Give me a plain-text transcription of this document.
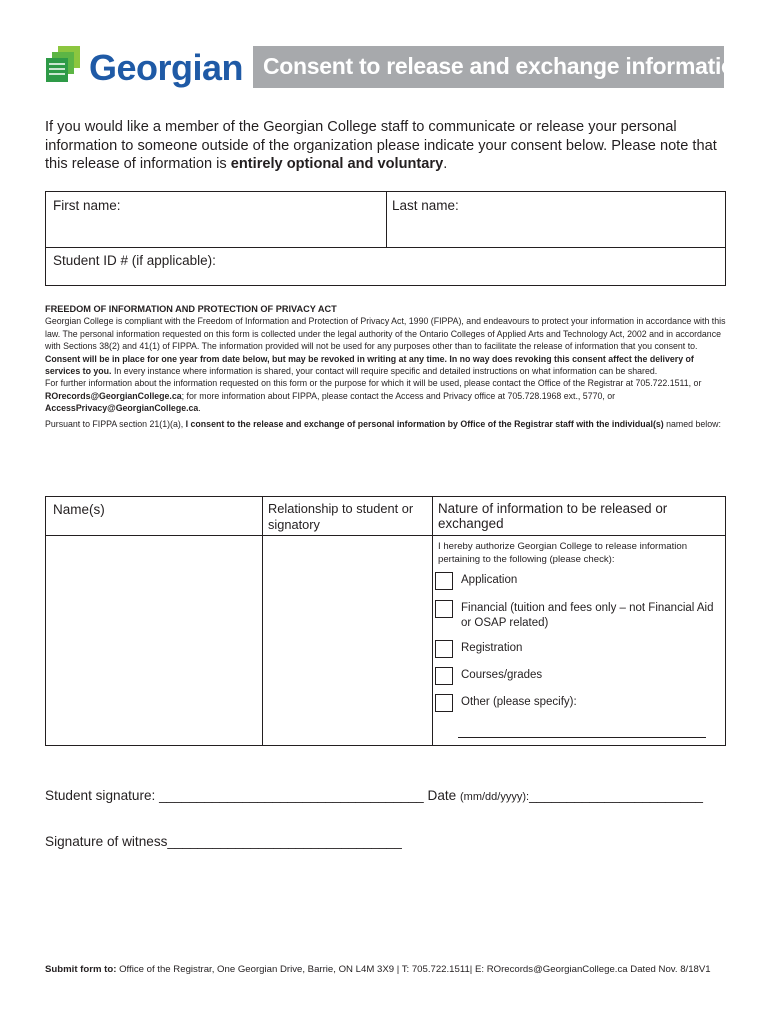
Georgian Consent to release and exchange information
If you would like a member of the Georgian College staff to communicate or release your personal information to someone outside of the organization please indicate your consent below. Please note that this release of information is entirely optional and voluntary.
First name:	Last name:
Student ID # (if applicable):

FREEDOM OF INFORMATION AND PROTECTION OF PRIVACY ACT

Georgian College is compliant with the Freedom of Information and Protection of Privacy Act, 1990 (FIPPA), and endeavours to protect your information in accordance with this law. The personal information requested on this form is collected under the legal authority of the Ontario Colleges of Applied Arts and Technology Act, 2002 and in accordance with Sections 38(2) and 41(1) of FIPPA. The information provided will not be used for any purposes other than to facilitate the release of information that you consent to.

Consent will be in place for one year from date below, but may be revoked in writing at any time. In no way does revoking this consent affect the delivery of services to you. In every instance where information is shared, your contact will require specific and detailed instructions on what information can be shared.

For further information about the information requested on this form or the purpose for which it will be used, please contact the Office of the Registrar at 705.722.1511, or ROrecords@GeorgianCollege.ca; for more information about FIPPA, please contact the Access and Privacy office at 705.728.1968 ext., 5770, or AccessPrivacy@GeorgianCollege.ca.

Pursuant to FIPPA section 21(1)(a), I consent to the release and exchange of personal information by Office of the Registrar staff with the individual(s) named below:

Name(s)	Relationship to student or signatory
Nature of information to be released or exchanged
I hereby authorize Georgian College to release information pertaining to the following (please check):
Application
Financial (tuition and fees only – not Financial Aid or OSAP related)
Registration
Courses/grades
Other (please specify):
Student signature: ___________________________________ Date (mm/dd/yyyy):_______________________
Signature of witness_______________________________
Submit form to: Office of the Registrar, One Georgian Drive, Barrie, ON L4M 3X9 | T: 705.722.1511| E: ROrecords@GeorgianCollege.ca Dated Nov. 8/18V1
